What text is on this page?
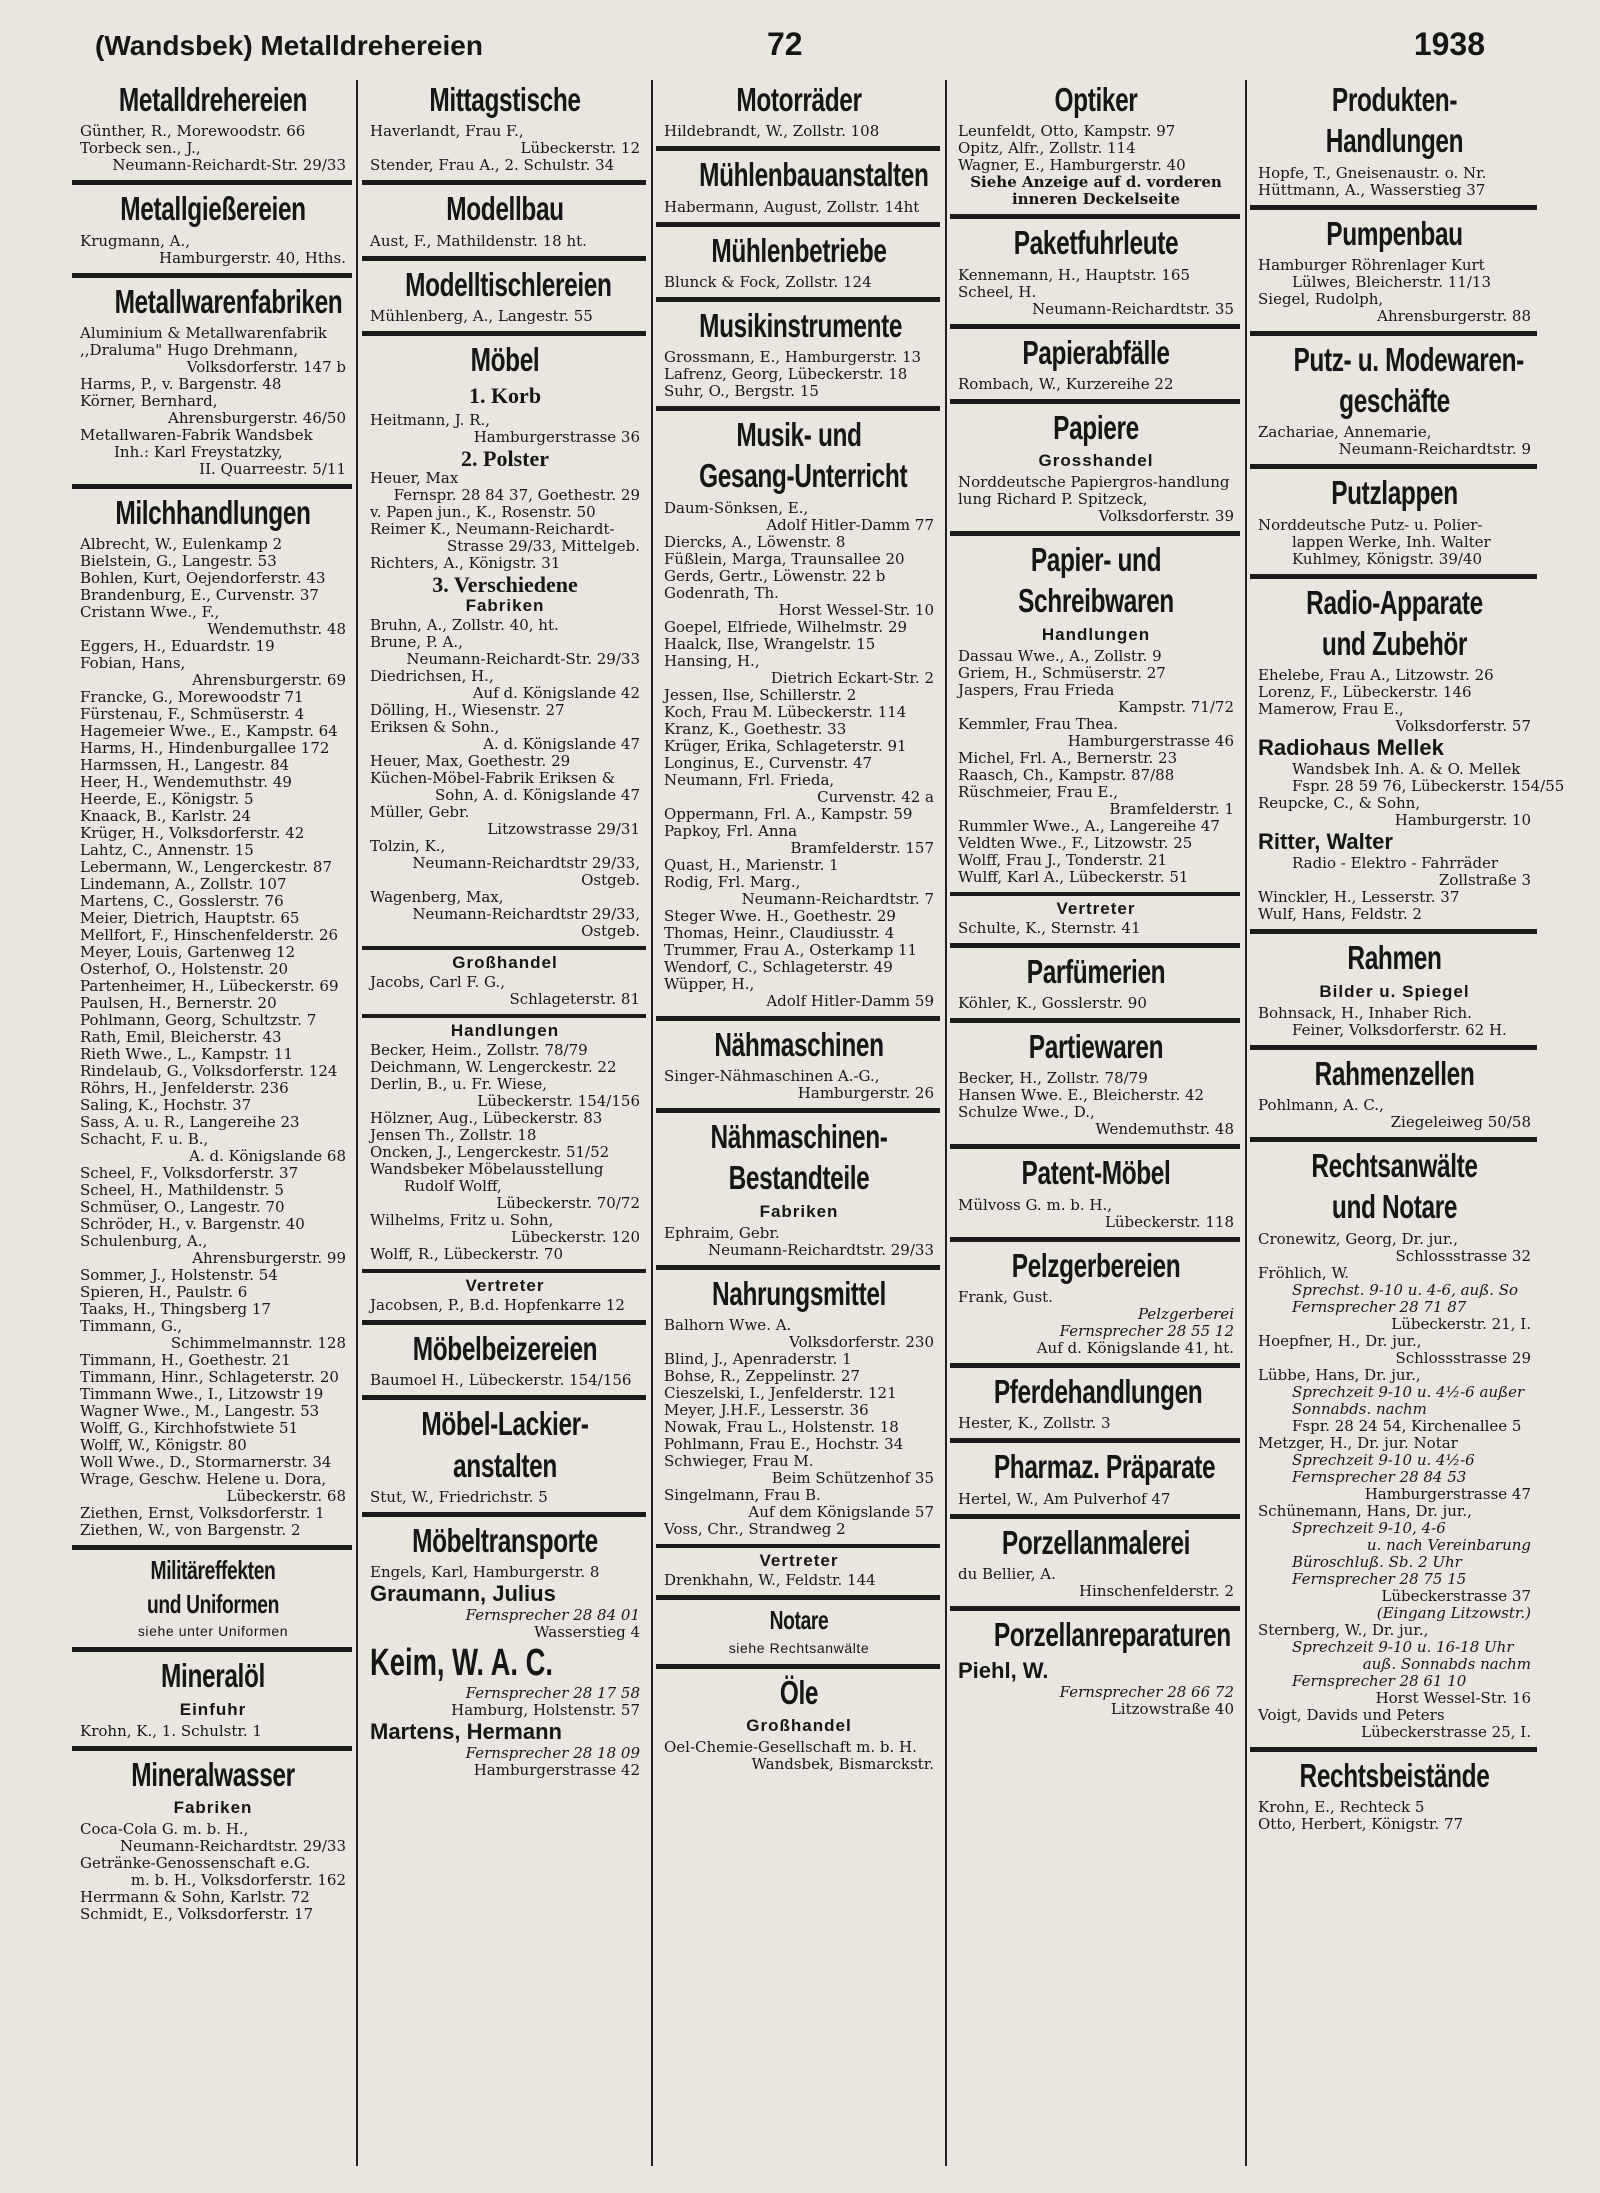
(Wandsbek) Metalldrehereien	72	1938
Metalldrehereien
Günther, R., Morewoodstr. 66
Torbeck sen., J.,
Neumann-Reichardt-Str. 29/33
Metallgießereien
Krugmann, A.,
Hamburgerstr. 40, Hths.
Metallwarenfabriken
Aluminium & Metallwarenfabrik
,,Draluma" Hugo Drehmann,
Volksdorferstr. 147 b
Harms, P., v. Bargenstr. 48
Körner, Bernhard,
Ahrensburgerstr. 46/50
Metallwaren-Fabrik Wandsbek
Inh.: Karl Freystatzky,
II. Quarreestr. 5/11
Milchhandlungen
Albrecht, W., Eulenkamp 2
Bielstein, G., Langestr. 53
Bohlen, Kurt, Oejendorferstr. 43
Brandenburg, E., Curvenstr. 37
Cristann Wwe., F.,
Wendemuthstr. 48
Eggers, H., Eduardstr. 19
Fobian, Hans,
Ahrensburgerstr. 69
Francke, G., Morewoodstr 71
Fürstenau, F., Schmüserstr. 4
Hagemeier Wwe., E., Kampstr. 64
Harms, H., Hindenburgallee 172
Harmssen, H., Langestr. 84
Heer, H., Wendemuthstr. 49
Heerde, E., Königstr. 5
Knaack, B., Karlstr. 24
Krüger, H., Volksdorferstr. 42
Lahtz, C., Annenstr. 15
Lebermann, W., Lengerckestr. 87
Lindemann, A., Zollstr. 107
Martens, C., Gosslerstr. 76
Meier, Dietrich, Hauptstr. 65
Mellfort, F., Hinschenfelderstr. 26
Meyer, Louis, Gartenweg 12
Osterhof, O., Holstenstr. 20
Partenheimer, H., Lübeckerstr. 69
Paulsen, H., Bernerstr. 20
Pohlmann, Georg, Schultzstr. 7
Rath, Emil, Bleicherstr. 43
Rieth Wwe., L., Kampstr. 11
Rindelaub, G., Volksdorferstr. 124
Röhrs, H., Jenfelderstr. 236
Saling, K., Hochstr. 37
Sass, A. u. R., Langereihe 23
Schacht, F. u. B.,
A. d. Königslande 68
Scheel, F., Volksdorferstr. 37
Scheel, H., Mathildenstr. 5
Schmüser, O., Langestr. 70
Schröder, H., v. Bargenstr. 40
Schulenburg, A.,
Ahrensburgerstr. 99
Sommer, J., Holstenstr. 54
Spieren, H., Paulstr. 6
Taaks, H., Thingsberg 17
Timmann, G.,
Schimmelmannstr. 128
Timmann, H., Goethestr. 21
Timmann, Hinr., Schlageterstr. 20
Timmann Wwe., I., Litzowstr 19
Wagner Wwe., M., Langestr. 53
Wolff, G., Kirchhofstwiete 51
Wolff, W., Königstr. 80
Woll Wwe., D., Stormarnerstr. 34
Wrage, Geschw. Helene u. Dora,
Lübeckerstr. 68
Ziethen, Ernst, Volksdorferstr. 1
Ziethen, W., von Bargenstr. 2
Militäreffekten
und Uniformen
siehe unter Uniformen
Mineralöl
Einfuhr
Krohn, K., 1. Schulstr. 1
Mineralwasser
Fabriken
Coca-Cola G. m. b. H.,
Neumann-Reichardtstr. 29/33
Getränke-Genossenschaft e.G.
m. b. H., Volksdorferstr. 162
Herrmann & Sohn, Karlstr. 72
Schmidt, E., Volksdorferstr. 17
Mittagstische
Haverlandt, Frau F.,
Lübeckerstr. 12
Stender, Frau A., 2. Schulstr. 34
Modellbau
Aust, F., Mathildenstr. 18 ht.
Modelltischlereien
Mühlenberg, A., Langestr. 55
Möbel
1. Korb
Heitmann, J. R.,
Hamburgerstrasse 36
2. Polster
Heuer, Max
Fernspr. 28 84 37, Goethestr. 29
v. Papen jun., K., Rosenstr. 50
Reimer K., Neumann-Reichardt-
Strasse 29/33, Mittelgeb.
Richters, A., Königstr. 31
3. Verschiedene
Fabriken
Bruhn, A., Zollstr. 40, ht.
Brune, P. A.,
Neumann-Reichardt-Str. 29/33
Diedrichsen, H.,
Auf d. Königslande 42
Dölling, H., Wiesenstr. 27
Eriksen & Sohn.,
A. d. Königslande 47
Heuer, Max, Goethestr. 29
Küchen-Möbel-Fabrik Eriksen &
Sohn, A. d. Königslande 47
Müller, Gebr.
Litzowstrasse 29/31
Tolzin, K.,
Neumann-Reichardtstr 29/33,
Ostgeb.
Wagenberg, Max,
Neumann-Reichardtstr 29/33,
Ostgeb.
Großhandel
Jacobs, Carl F. G.,
Schlageterstr. 81
Handlungen
Becker, Heim., Zollstr. 78/79
Deichmann, W. Lengerckestr. 22
Derlin, B., u. Fr. Wiese,
Lübeckerstr. 154/156
Hölzner, Aug., Lübeckerstr. 83
Jensen Th., Zollstr. 18
Oncken, J., Lengerckestr. 51/52
Wandsbeker Möbelausstellung
Rudolf Wolff,
Lübeckerstr. 70/72
Wilhelms, Fritz u. Sohn,
Lübeckerstr. 120
Wolff, R., Lübeckerstr. 70
Vertreter
Jacobsen, P., B.d. Hopfenkarre 12
Möbelbeizereien
Baumoel H., Lübeckerstr. 154/156
Möbel-Lackier-
anstalten
Stut, W., Friedrichstr. 5
Möbeltransporte
Engels, Karl, Hamburgerstr. 8
Graumann, Julius
Fernsprecher 28 84 01
Wasserstieg 4
Keim, W. A. C.
Fernsprecher 28 17 58
Hamburg, Holstenstr. 57
Martens, Hermann
Fernsprecher 28 18 09
Hamburgerstrasse 42
Motorräder
Hildebrandt, W., Zollstr. 108
Mühlenbauanstalten
Habermann, August, Zollstr. 14ht
Mühlenbetriebe
Blunck & Fock, Zollstr. 124
Musikinstrumente
Grossmann, E., Hamburgerstr. 13
Lafrenz, Georg, Lübeckerstr. 18
Suhr, O., Bergstr. 15
Musik- und
Gesang-Unterricht
Daum-Sönksen, E.,
Adolf Hitler-Damm 77
Diercks, A., Löwenstr. 8
Füßlein, Marga, Traunsallee 20
Gerds, Gertr., Löwenstr. 22 b
Godenrath, Th.
Horst Wessel-Str. 10
Goepel, Elfriede, Wilhelmstr. 29
Haalck, Ilse, Wrangelstr. 15
Hansing, H.,
Dietrich Eckart-Str. 2
Jessen, Ilse, Schillerstr. 2
Koch, Frau M. Lübeckerstr. 114
Kranz, K., Goethestr. 33
Krüger, Erika, Schlageterstr. 91
Longinus, E., Curvenstr. 47
Neumann, Frl. Frieda,
Curvenstr. 42 a
Oppermann, Frl. A., Kampstr. 59
Papkoy, Frl. Anna
Bramfelderstr. 157
Quast, H., Marienstr. 1
Rodig, Frl. Marg.,
Neumann-Reichardtstr. 7
Steger Wwe. H., Goethestr. 29
Thomas, Heinr., Claudiusstr. 4
Trummer, Frau A., Osterkamp 11
Wendorf, C., Schlageterstr. 49
Wüpper, H.,
Adolf Hitler-Damm 59
Nähmaschinen
Singer-Nähmaschinen A.-G.,
Hamburgerstr. 26
Nähmaschinen-
Bestandteile
Fabriken
Ephraim, Gebr.
Neumann-Reichardtstr. 29/33
Nahrungsmittel
Balhorn Wwe. A.
Volksdorferstr. 230
Blind, J., Apenraderstr. 1
Bohse, R., Zeppelinstr. 27
Cieszelski, I., Jenfelderstr. 121
Meyer, J.H.F., Lesserstr. 36
Nowak, Frau L., Holstenstr. 18
Pohlmann, Frau E., Hochstr. 34
Schwieger, Frau M.
Beim Schützenhof 35
Singelmann, Frau B.
Auf dem Königslande 57
Voss, Chr., Strandweg 2
Vertreter
Drenkhahn, W., Feldstr. 144
Notare
siehe Rechtsanwälte
Öle
Großhandel
Oel-Chemie-Gesellschaft m. b. H.
Wandsbek, Bismarckstr.
Optiker
Leunfeldt, Otto, Kampstr. 97
Opitz, Alfr., Zollstr. 114
Wagner, E., Hamburgerstr. 40
Siehe Anzeige auf d. vorderen
inneren Deckelseite
Paketfuhrleute
Kennemann, H., Hauptstr. 165
Scheel, H.
Neumann-Reichardtstr. 35
Papierabfälle
Rombach, W., Kurzereihe 22
Papiere
Grosshandel
Norddeutsche Papiergros-handlung
lung Richard P. Spitzeck,
Volksdorferstr. 39
Papier- und
Schreibwaren
Handlungen
Dassau Wwe., A., Zollstr. 9
Griem, H., Schmüserstr. 27
Jaspers, Frau Frieda
Kampstr. 71/72
Kemmler, Frau Thea.
Hamburgerstrasse 46
Michel, Frl. A., Bernerstr. 23
Raasch, Ch., Kampstr. 87/88
Rüschmeier, Frau E.,
Bramfelderstr. 1
Rummler Wwe., A., Langereihe 47
Veldten Wwe., F., Litzowstr. 25
Wolff, Frau J., Tonderstr. 21
Wulff, Karl A., Lübeckerstr. 51
Vertreter
Schulte, K., Sternstr. 41
Parfümerien
Köhler, K., Gosslerstr. 90
Partiewaren
Becker, H., Zollstr. 78/79
Hansen Wwe. E., Bleicherstr. 42
Schulze Wwe., D.,
Wendemuthstr. 48
Patent-Möbel
Mülvoss G. m. b. H.,
Lübeckerstr. 118
Pelzgerbereien
Frank, Gust.
Pelzgerberei
Fernsprecher 28 55 12
Auf d. Königslande 41, ht.
Pferdehandlungen
Hester, K., Zollstr. 3
Pharmaz. Präparate
Hertel, W., Am Pulverhof 47
Porzellanmalerei
du Bellier, A.
Hinschenfelderstr. 2
Porzellanreparaturen
Piehl, W.
Fernsprecher 28 66 72
Litzowstraße 40
Produkten-
Handlungen
Hopfe, T., Gneisenaustr. o. Nr.
Hüttmann, A., Wasserstieg 37
Pumpenbau
Hamburger Röhrenlager Kurt
Lülwes, Bleicherstr. 11/13
Siegel, Rudolph,
Ahrensburgerstr. 88
Putz- u. Modewaren-
geschäfte
Zachariae, Annemarie,
Neumann-Reichardtstr. 9
Putzlappen
Norddeutsche Putz- u. Polier-
lappen Werke, Inh. Walter
Kuhlmey, Königstr. 39/40
Radio-Apparate
und Zubehör
Ehelebe, Frau A., Litzowstr. 26
Lorenz, F., Lübeckerstr. 146
Mamerow, Frau E.,
Volksdorferstr. 57
Radiohaus Mellek
Wandsbek Inh. A. & O. Mellek
Fspr. 28 59 76, Lübeckerstr. 154/55
Reupcke, C., & Sohn,
Hamburgerstr. 10
Ritter, Walter
Radio - Elektro - Fahrräder
Zollstraße 3
Winckler, H., Lesserstr. 37
Wulf, Hans, Feldstr. 2
Rahmen
Bilder u. Spiegel
Bohnsack, H., Inhaber Rich.
Feiner, Volksdorferstr. 62 H.
Rahmenzellen
Pohlmann, A. C.,
Ziegeleiweg 50/58
Rechtsanwälte
und Notare
Cronewitz, Georg, Dr. jur.,
Schlossstrasse 32
Fröhlich, W.
Sprechst. 9-10 u. 4-6, auß. So
Fernsprecher 28 71 87
Lübeckerstr. 21, I.
Hoepfner, H., Dr. jur.,
Schlossstrasse 29
Lübbe, Hans, Dr. jur.,
Sprechzeit 9-10 u. 4½-6 außer
Sonnabds. nachm
Fspr. 28 24 54, Kirchenallee 5
Metzger, H., Dr. jur. Notar
Sprechzeit 9-10 u. 4½-6
Fernsprecher 28 84 53
Hamburgerstrasse 47
Schünemann, Hans, Dr. jur.,
Sprechzeit 9-10, 4-6
u. nach Vereinbarung
Büroschluß. Sb. 2 Uhr
Fernsprecher 28 75 15
Lübeckerstrasse 37
(Eingang Litzowstr.)
Sternberg, W., Dr. jur.,
Sprechzeit 9-10 u. 16-18 Uhr
auß. Sonnabds nachm
Fernsprecher 28 61 10
Horst Wessel-Str. 16
Voigt, Davids und Peters
Lübeckerstrasse 25, I.
Rechtsbeistände
Krohn, E., Rechteck 5
Otto, Herbert, Königstr. 77
